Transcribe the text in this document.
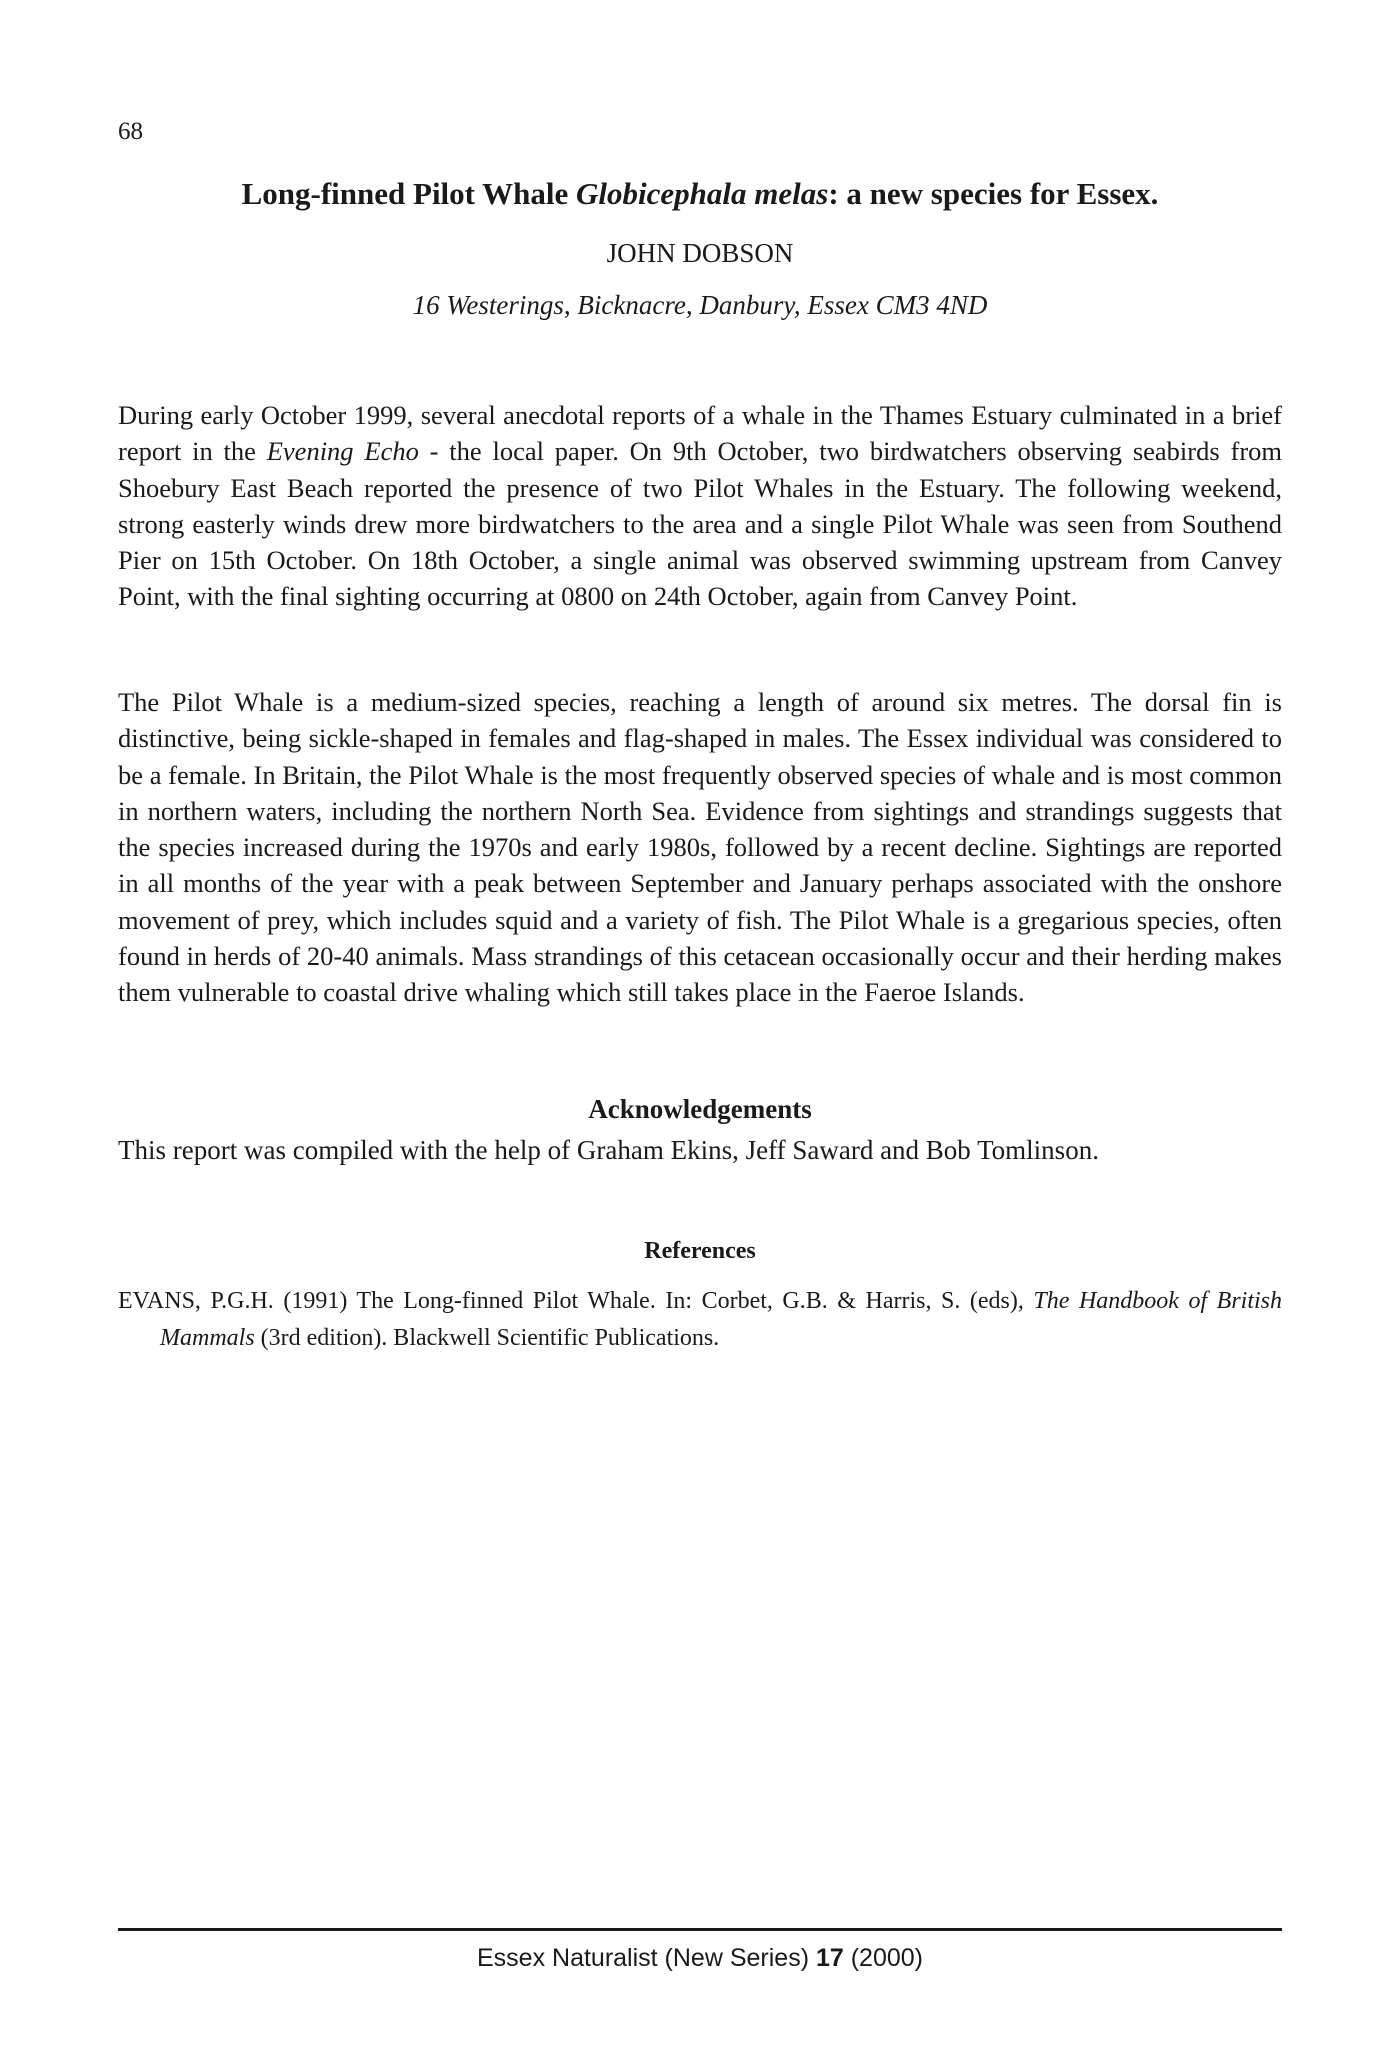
68
Long-finned Pilot Whale Globicephala melas: a new species for Essex.
JOHN DOBSON
16 Westerings, Bicknacre, Danbury, Essex CM3 4ND

During early October 1999, several anecdotal reports of a whale in the Thames Estuary culminated in a brief report in the Evening Echo - the local paper. On 9th October, two birdwatchers observing seabirds from Shoebury East Beach reported the presence of two Pilot Whales in the Estuary. The following weekend, strong easterly winds drew more birdwatchers to the area and a single Pilot Whale was seen from Southend Pier on 15th October. On 18th October, a single animal was observed swimming upstream from Canvey Point, with the final sighting occurring at 0800 on 24th October, again from Canvey Point.

The Pilot Whale is a medium-sized species, reaching a length of around six metres. The dorsal fin is distinctive, being sickle-shaped in females and flag-shaped in males. The Essex individual was considered to be a female. In Britain, the Pilot Whale is the most frequently observed species of whale and is most common in northern waters, including the northern North Sea. Evidence from sightings and strandings suggests that the species increased during the 1970s and early 1980s, followed by a recent decline. Sightings are reported in all months of the year with a peak between September and January perhaps associated with the onshore movement of prey, which includes squid and a variety of fish. The Pilot Whale is a gregarious species, often found in herds of 20-40 animals. Mass strandings of this cetacean occasionally occur and their herding makes them vulnerable to coastal drive whaling which still takes place in the Faeroe Islands.

Acknowledgements

This report was compiled with the help of Graham Ekins, Jeff Saward and Bob Tomlinson.

References

EVANS, P.G.H. (1991) The Long-finned Pilot Whale. In: Corbet, G.B. & Harris, S. (eds), The Handbook of British Mammals (3rd edition). Blackwell Scientific Publications.

Essex Naturalist (New Series) 17 (2000)
